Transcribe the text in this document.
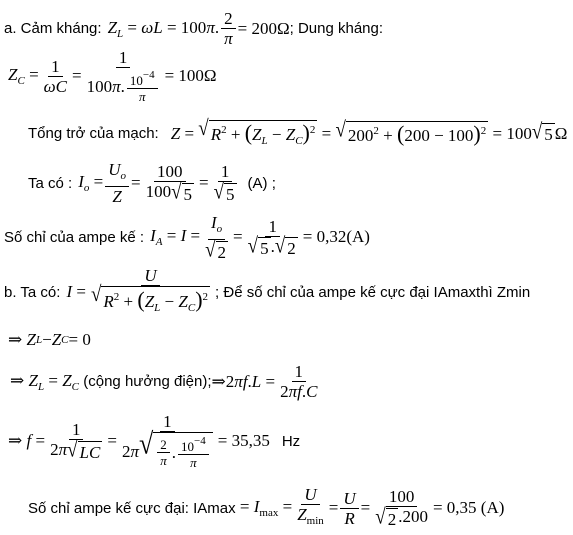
a. Cảm kháng: $Z_L = \omega L = 100\pi$. $\frac{2}{\pi} = 200\Omega$ ; Dung kháng:
$Z_C = \frac{1}{\omega C} = \frac{1}{100 \pi . \frac{10^{-4}}{\pi}} = 100\Omega$
Tổng trở của mạch: Z = √ $R^2 + (Z_L - Z_C)^2$ = √ $200^2 + (200 - 100)^2 = 100$ √ 5 Ω
Ta có : $I_o = \frac{U_o}{Z} = \frac{100}{100 √ 5} = \frac{1}{√ 5} (A)$ ;
Số chỉ của ampe kế : $I_A = I = \frac{I_o}{√ 2} = \frac{1}{√ 5 . √ 2} = 0,32(A)$
b. Ta có: $I = \frac{U}{√ R^2 + (Z_L - Z_C)^2}$ ; Để số chỉ của ampe kế cực đại I Amax thì Z min
⇒
Z L − Z C = 0
⇒ $Z_L = Z_C$ (cộng hưởng điện); ⇒2πf.L = $\frac{1}{2\pi f.C}$
⇒ $f = \frac{1}{2\pi √ LC} = \frac{1}{2 \pi √ \frac{2}{\pi} . \frac{10^{-4}}{\pi}} = 35,35$ Hz
Số chỉ ampe kế cực đại: I $Amax = I_{max} = \frac{U}{Z_{min}} = \frac{U}{R} = \frac{100}{√ 2 .200} = 0,35$ (A)
